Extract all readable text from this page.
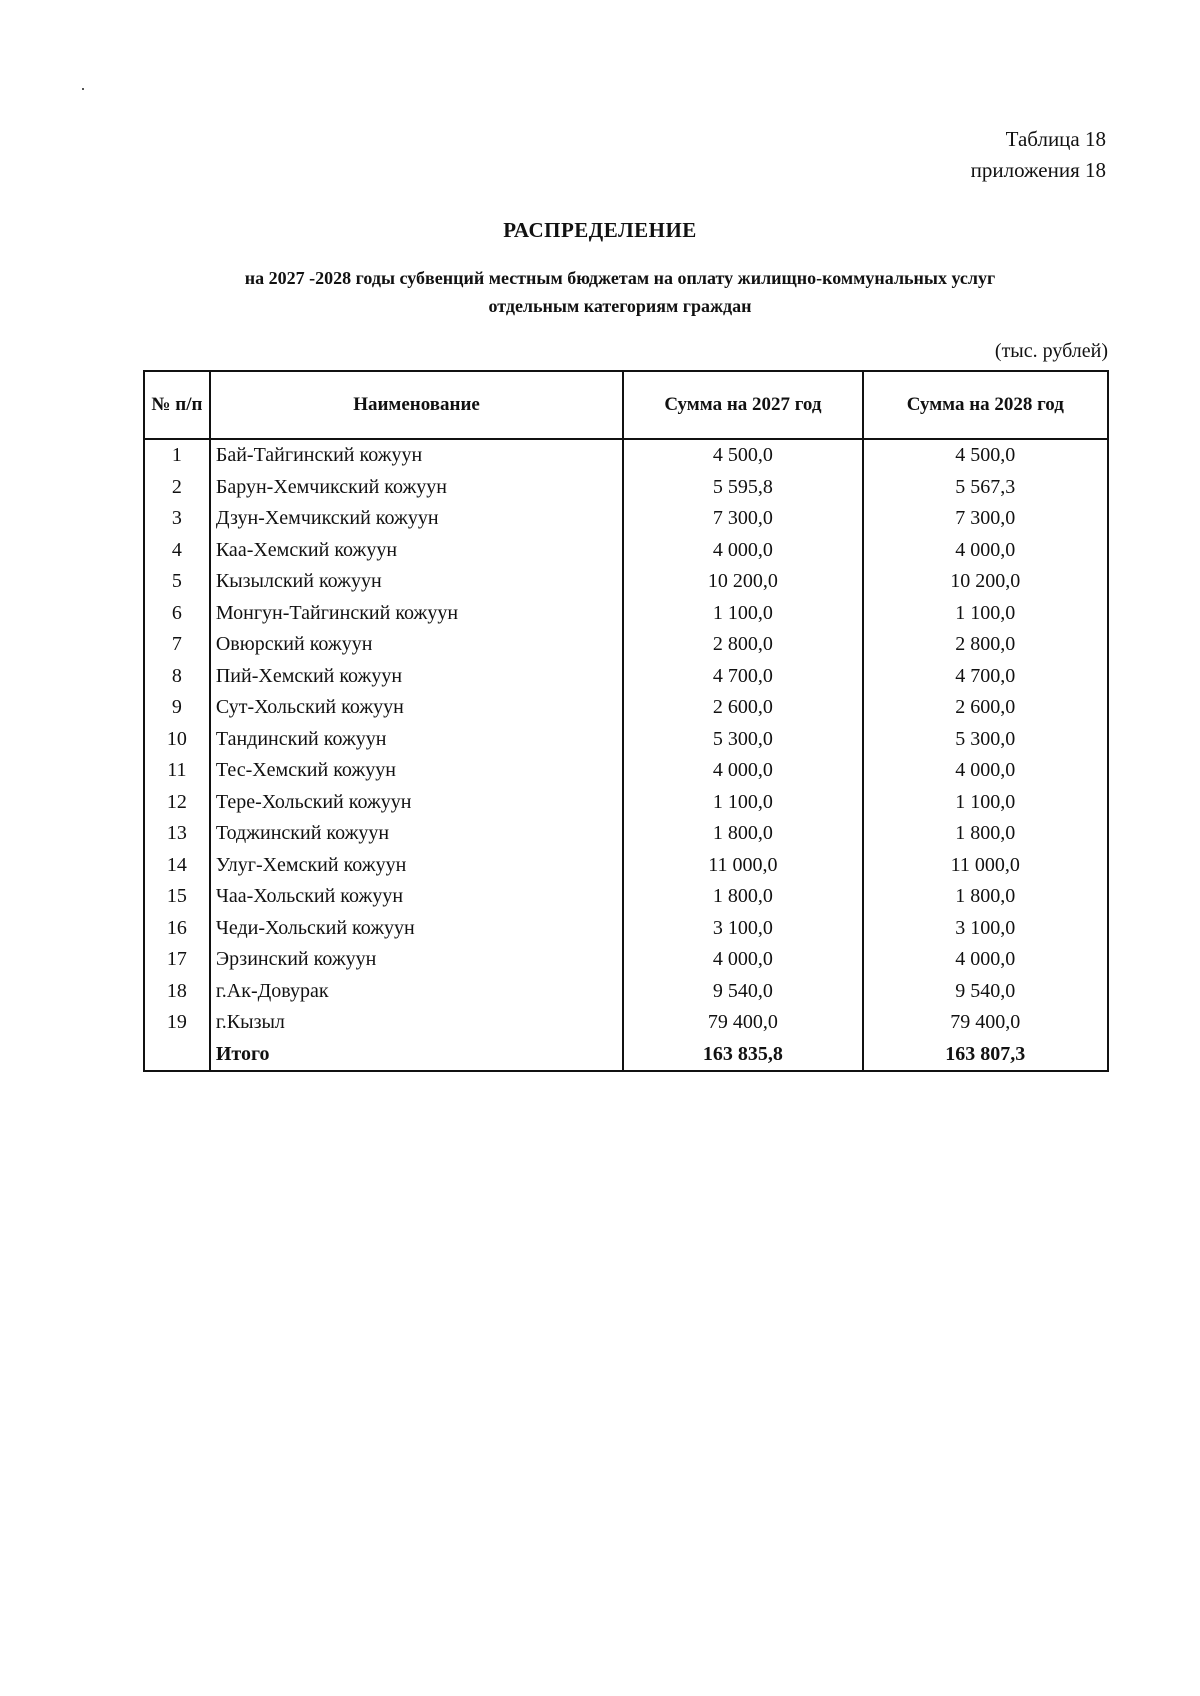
Таблица 18
приложения 18
РАСПРЕДЕЛЕНИЕ
на 2027 -2028 годы субвенций местным бюджетам на оплату жилищно-коммунальных услуг
отдельным категориям граждан
(тыс. рублей)
№ п/п	Наименование	Сумма на 2027 год	Сумма на 2028 год
1	Бай-Тайгинский кожуун	4 500,0	4 500,0
2	Барун-Хемчикский кожуун	5 595,8	5 567,3
3	Дзун-Хемчикский кожуун	7 300,0	7 300,0
4	Каа-Хемский кожуун	4 000,0	4 000,0
5	Кызылский кожуун	10 200,0	10 200,0
6	Монгун-Тайгинский кожуун	1 100,0	1 100,0
7	Овюрский кожуун	2 800,0	2 800,0
8	Пий-Хемский кожуун	4 700,0	4 700,0
9	Сут-Хольский кожуун	2 600,0	2 600,0
10	Тандинский кожуун	5 300,0	5 300,0
11	Тес-Хемский кожуун	4 000,0	4 000,0
12	Тере-Хольский кожуун	1 100,0	1 100,0
13	Тоджинский кожуун	1 800,0	1 800,0
14	Улуг-Хемский кожуун	11 000,0	11 000,0
15	Чаа-Хольский кожуун	1 800,0	1 800,0
16	Чеди-Хольский кожуун	3 100,0	3 100,0
17	Эрзинский кожуун	4 000,0	4 000,0
18	г.Ак-Довурак	9 540,0	9 540,0
19	г.Кызыл	79 400,0	79 400,0
	Итого	163 835,8	163 807,3
